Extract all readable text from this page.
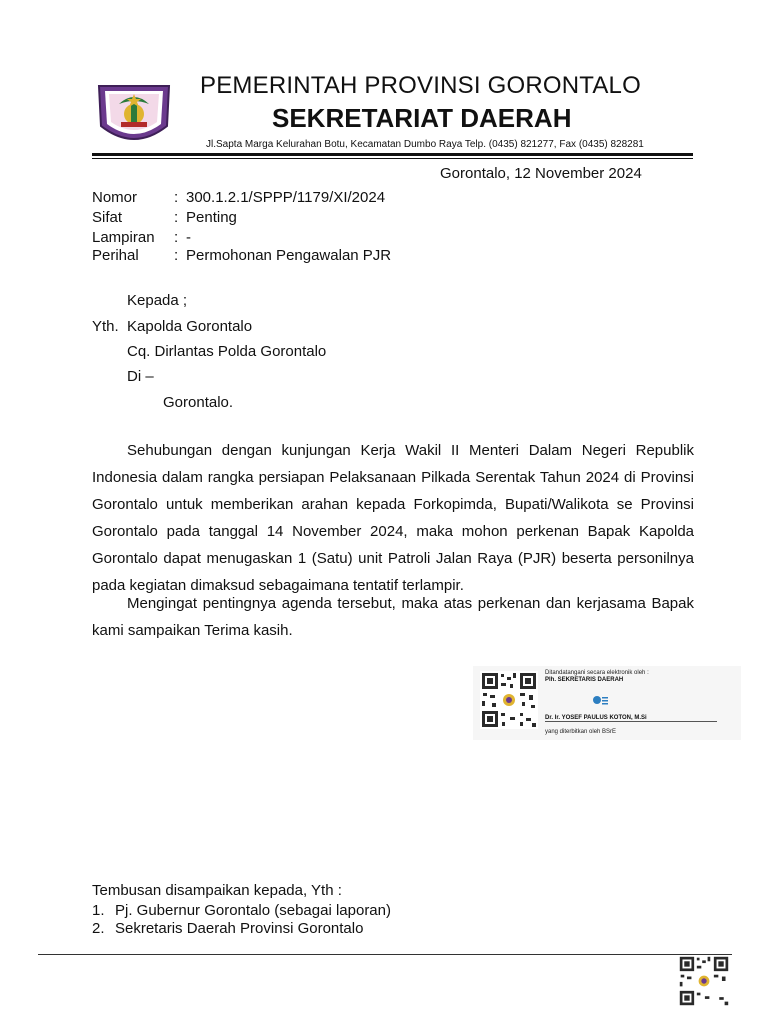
PEMERINTAH PROVINSI GORONTALO
SEKRETARIAT DAERAH
Jl.Sapta Marga Kelurahan Botu, Kecamatan Dumbo Raya Telp. (0435) 821277, Fax (0435) 828281
Gorontalo, 12 November 2024
Nomor : 300.1.2.1/SPPP/1179/XI/2024
Sifat	: Penting
Lampiran : -
Perihal : Permohonan Pengawalan PJR
Kepada ;
Yth. Kapolda Gorontalo
Cq. Dirlantas Polda Gorontalo
Di –
Gorontalo.
Sehubungan dengan kunjungan Kerja Wakil II Menteri Dalam Negeri Republik Indonesia dalam rangka persiapan Pelaksanaan Pilkada Serentak Tahun 2024 di Provinsi Gorontalo untuk memberikan arahan kepada Forkopimda, Bupati/Walikota se Provinsi Gorontalo pada tanggal 14 November 2024, maka mohon perkenan Bapak Kapolda Gorontalo dapat menugaskan 1 (Satu) unit Patroli Jalan Raya (PJR) beserta personilnya pada kegiatan dimaksud sebagaimana tentatif terlampir.
Mengingat pentingnya agenda tersebut, maka atas perkenan dan kerjasama Bapak kami sampaikan Terima kasih.
Ditandatangani secara elektronik oleh :
Plh. SEKRETARIS DAERAH
Dr. Ir. YOSEF PAULUS KOTON, M.Si
yang diterbitkan oleh BSrE
Tembusan disampaikan kepada, Yth :
1. Pj. Gubernur Gorontalo (sebagai laporan)
2. Sekretaris Daerah Provinsi Gorontalo
